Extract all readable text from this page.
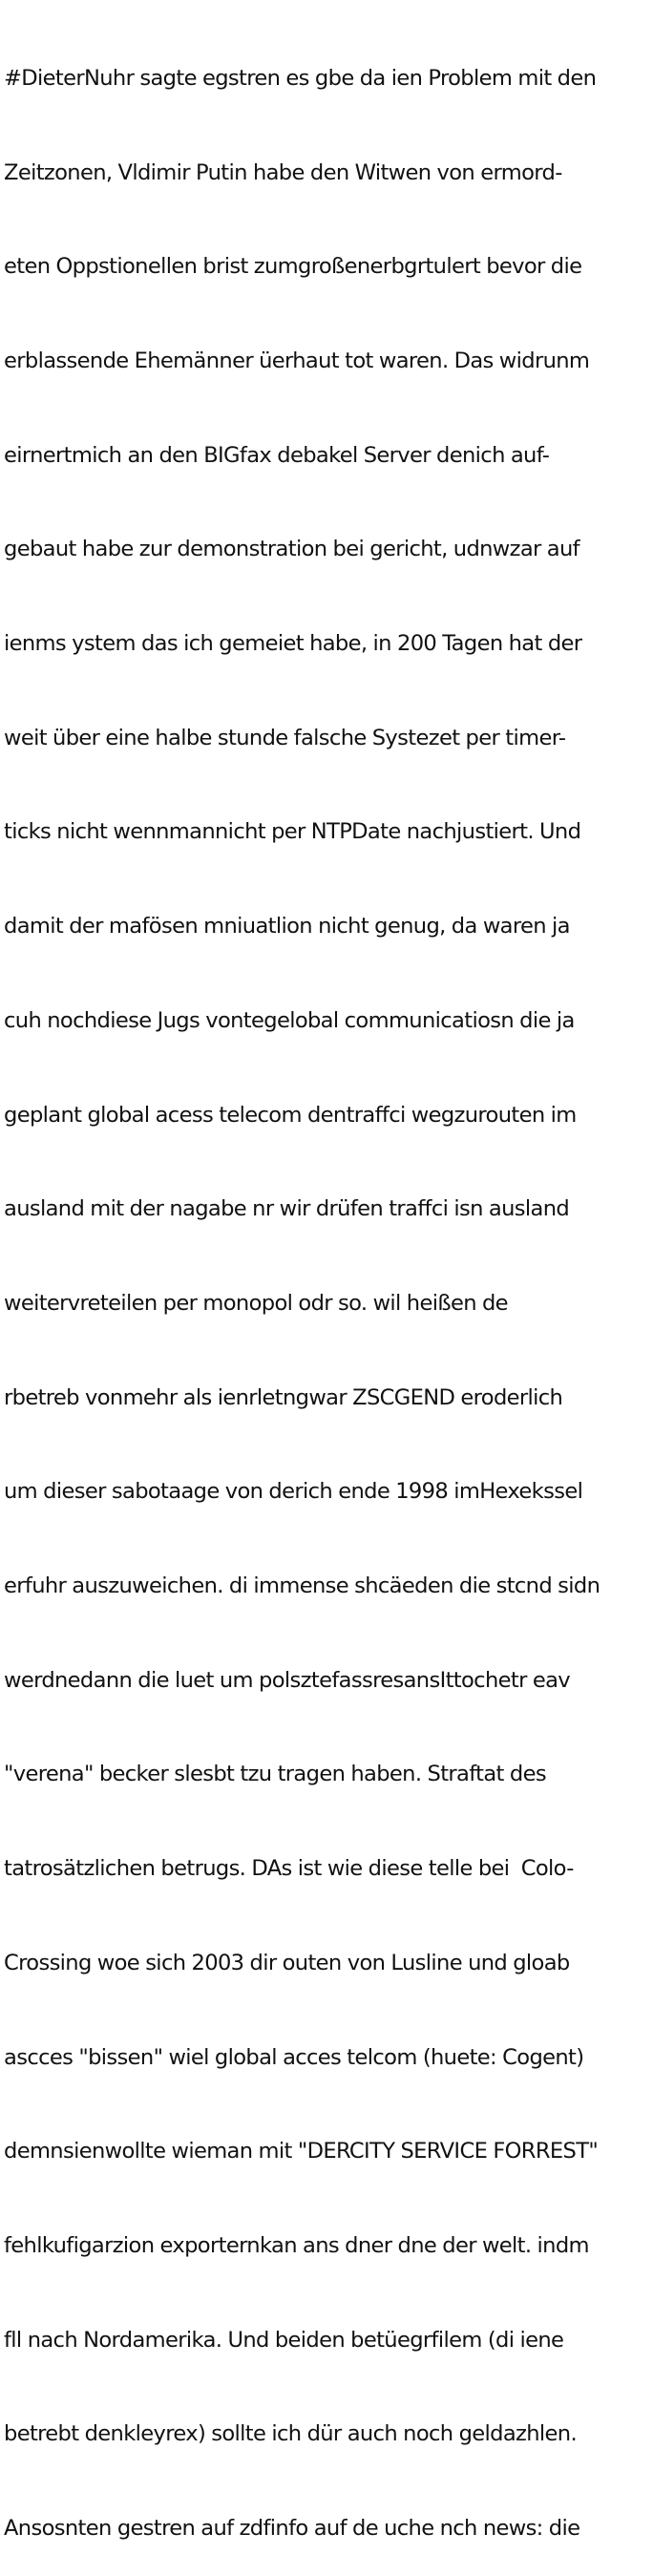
#DieterNuhr sagte egstren es gbe da ien Problem mit den

Zeitzonen, Vldimir Putin habe den Witwen von ermord-

eten Oppstionellen brist zumgroßenerbgrtulert bevor die

erblassende Ehemänner üerhaut tot waren. Das widrunm

eirnertmich an den BIGfax debakel Server denich auf-

gebaut habe zur demonstration bei gericht, udnwzar auf

ienms ystem das ich gemeiet habe, in 200 Tagen hat der

weit über eine halbe stunde falsche Systezet per timer-

ticks nicht wennmannicht per NTPDate nachjustiert. Und

damit der mafösen mniuatlion nicht genug, da waren ja

cuh nochdiese Jugs vontegelobal communicatiosn die ja

geplant global acess telecom dentraffci wegzurouten im

ausland mit der nagabe nr wir drüfen traffci isn ausland

weitervreteilen per monopol odr so. wil heißen de

rbetreb vonmehr als ienrletngwar ZSCGEND eroderlich

um dieser sabotaage von derich ende 1998 imHexekssel

erfuhr auszuweichen. di immense shcäeden die stcnd sidn

werdnedann die luet um polsztefassresansIttochetr eav

"verena" becker slesbt tzu tragen haben. Straftat des

tatrosätzlichen betrugs. DAs ist wie diese telle bei  Colo-

Crossing woe sich 2003 dir outen von Lusline und gloab

ascces "bissen" wiel global acces telcom (huete: Cogent)

demnsienwollte wieman mit "DERCITY SERVICE FORREST"

fehlkufigarzion exporternkan ans dner dne der welt. indm

fll nach Nordamerika. Und beiden betüegrfilem (di iene

betrebt denkleyrex) sollte ich dür auch noch geldazhlen.

Ansosnten gestren auf zdfinfo auf de uche nch news: die
